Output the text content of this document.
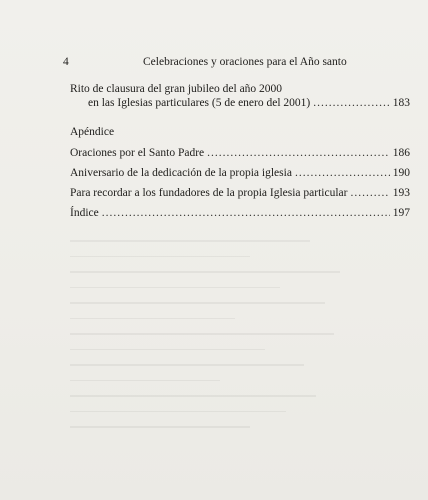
4	Celebraciones y oraciones para el Año santo
Rito de clausura del gran jubileo del año 2000
en las Iglesias particulares (5 de enero del 2001) .....	183
Apéndice
Oraciones por el Santo Padre .....	186
Aniversario de la dedicación de la propia iglesia .....	190
Para recordar a los fundadores de la propia Iglesia particular .....	193
Índice .....	197
